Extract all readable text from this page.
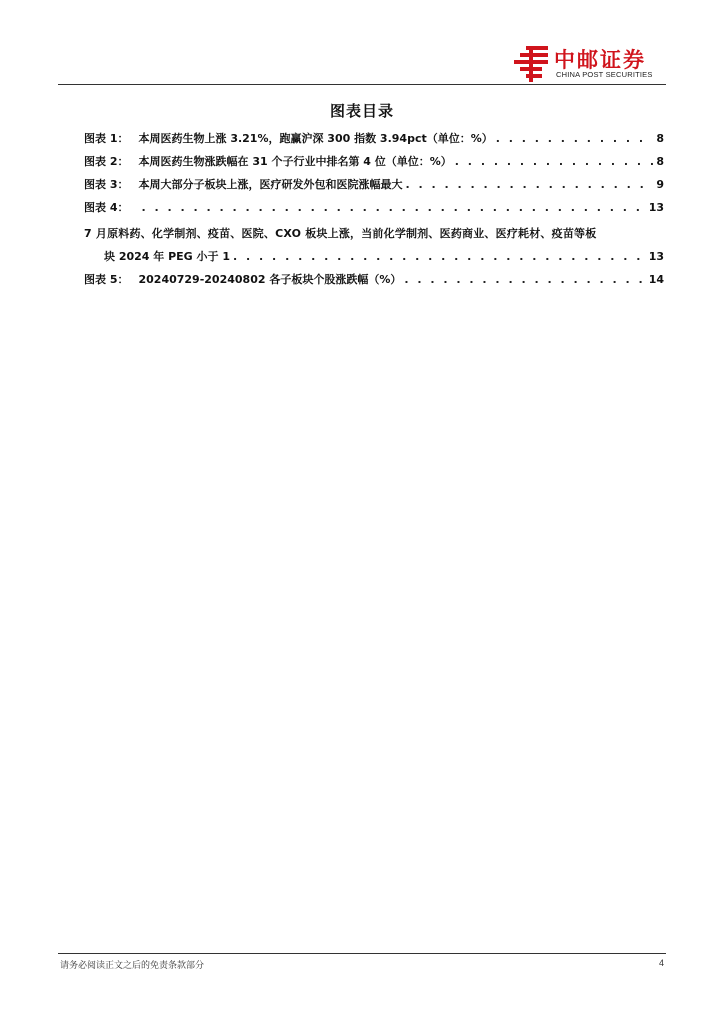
中邮证券
CHINA POST SECURITIES
图表目录
图表 1： 本周医药生物上涨 3.21%，跑赢沪深 300 指数 3.94pct（单位：%） . . .	8
图表 2： 本周医药生物涨跌幅在 31 个子行业中排名第 4 位（单位：%） . . .	8
图表 3： 本周大部分子板块上涨，医疗研发外包和医院涨幅最大 . . .	9
图表 4： . . .	13
7 月原料药、化学制剂、疫苗、医院、CXO 板块上涨，当前化学制剂、医药商业、医疗耗材、疫苗等板
块 2024 年 PEG 小于 1 . . .	13
图表 5： 20240729-20240802 各子板块个股涨跌幅（%） . . .	14
请务必阅读正文之后的免责条款部分	4
